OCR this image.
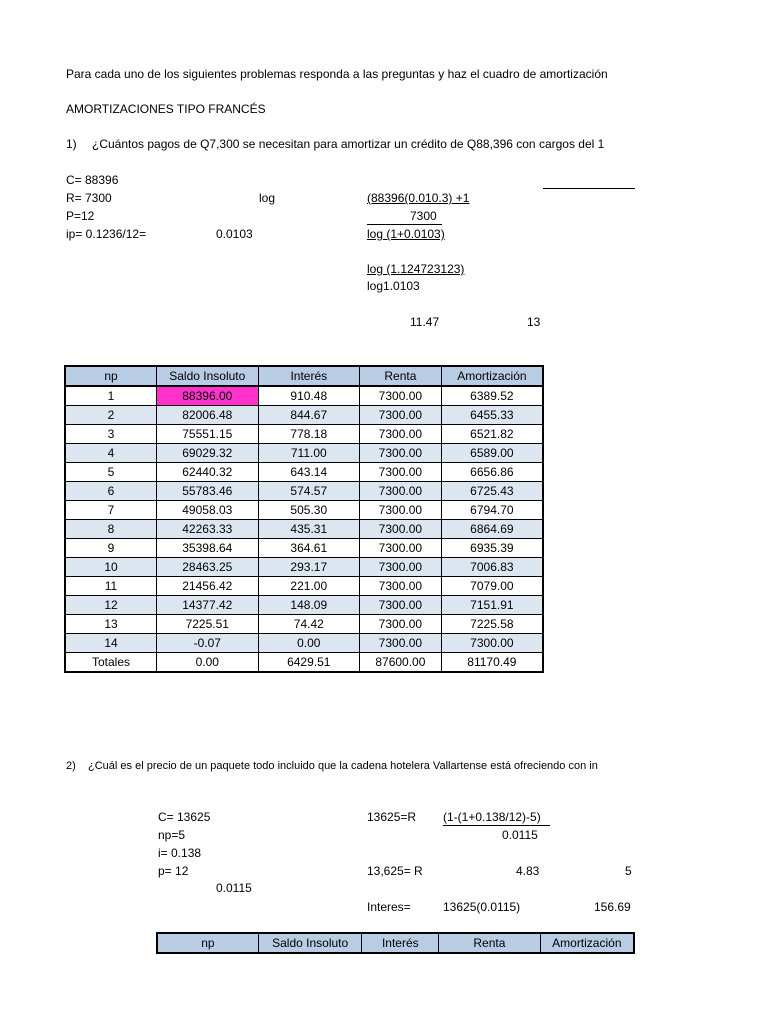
Para cada uno de los siguientes problemas responda a las preguntas y haz el cuadro de amortización
AMORTIZACIONES TIPO FRANCÉS
1) ¿Cuántos pagos de Q7,300 se necesitan para amortizar un crédito de Q88,396 con cargos del 1
C= 88396
R= 7300
P=12
ip= 0.1236/12=	0.0103
log	(88396(0.010.3) +1
7300
log (1+0.0103)
log (1.124723123)
log1.0103
11.47	13
np	Saldo Insoluto	Interés	Renta	Amortización
1	88396.00	910.48	7300.00	6389.52
2	82006.48	844.67	7300.00	6455.33
3	75551.15	778.18	7300.00	6521.82
4	69029.32	711.00	7300.00	6589.00
5	62440.32	643.14	7300.00	6656.86
6	55783.46	574.57	7300.00	6725.43
7	49058.03	505.30	7300.00	6794.70
8	42263.33	435.31	7300.00	6864.69
9	35398.64	364.61	7300.00	6935.39
10	28463.25	293.17	7300.00	7006.83
11	21456.42	221.00	7300.00	7079.00
12	14377.42	148.09	7300.00	7151.91
13	7225.51	74.42	7300.00	7225.58
14	-0.07	0.00	7300.00	7300.00
Totales	0.00	6429.51	87600.00	81170.49
2) ¿Cuál es el precio de un paquete todo incluido que la cadena hotelera Vallartense está ofreciendo con in
C= 13625
np=5
i= 0.138
p= 12
0.0115
13625=R (1-(1+0.138/12)-5)
0.0115
13,625= R	4.83	5
Interes=	13625(0.0115)	156.69
np	Saldo Insoluto	Interés	Renta	Amortización
